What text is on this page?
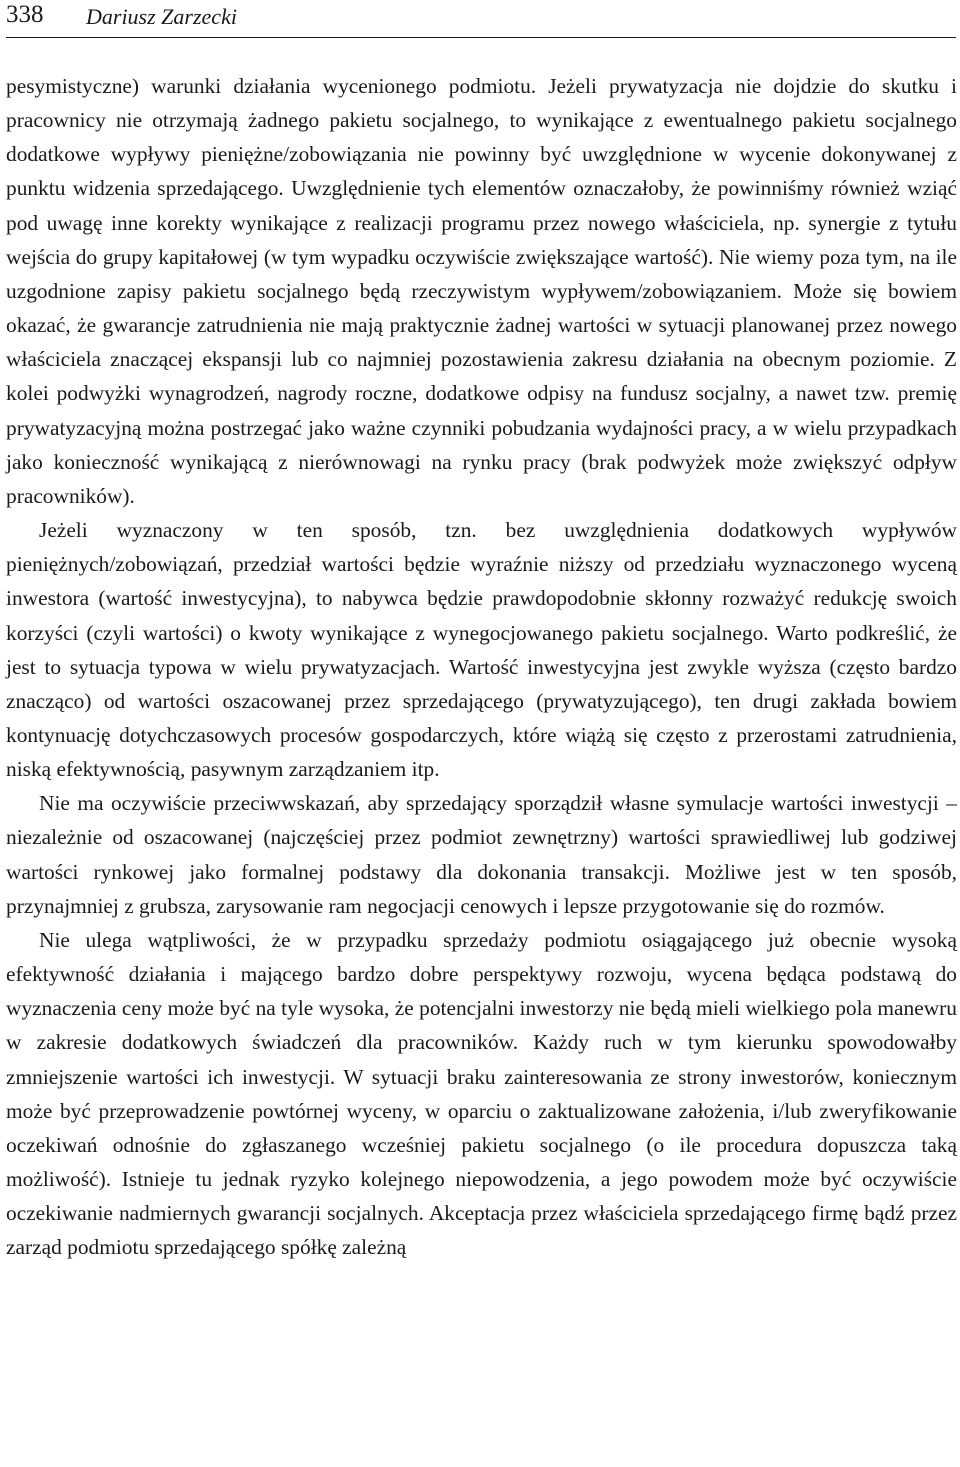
338 Dariusz Zarzecki

pesymistyczne) warunki działania wycenionego podmiotu. Jeżeli prywatyzacja nie dojdzie do skutku i pracownicy nie otrzymają żadnego pakietu socjalnego, to wynikające z ewentualnego pakietu socjalnego dodatkowe wypływy pieniężne/zobowiązania nie powinny być uwzględnione w wycenie dokonywanej z punktu widzenia sprzedającego. Uwzględnienie tych elementów oznaczałoby, że powinniśmy również wziąć pod uwagę inne korekty wynikające z realizacji programu przez nowego właściciela, np. synergie z tytułu wejścia do grupy kapitałowej (w tym wypadku oczywiście zwiększające wartość). Nie wiemy poza tym, na ile uzgodnione zapisy pakietu socjalnego będą rzeczywistym wypływem/zobowiązaniem. Może się bowiem okazać, że gwarancje zatrudnienia nie mają praktycznie żadnej wartości w sytuacji planowanej przez nowego właściciela znaczącej ekspansji lub co najmniej pozostawienia zakresu działania na obecnym poziomie. Z kolei podwyżki wynagrodzeń, nagrody roczne, dodatkowe odpisy na fundusz socjalny, a nawet tzw. premię prywatyzacyjną można postrzegać jako ważne czynniki pobudzania wydajności pracy, a w wielu przypadkach jako konieczność wynikającą z nierównowagi na rynku pracy (brak podwyżek może zwiększyć odpływ pracowników).

Jeżeli wyznaczony w ten sposób, tzn. bez uwzględnienia dodatkowych wypływów pieniężnych/zobowiązań, przedział wartości będzie wyraźnie niższy od przedziału wyznaczonego wyceną inwestora (wartość inwestycyjna), to nabywca będzie prawdopodobnie skłonny rozważyć redukcję swoich korzyści (czyli wartości) o kwoty wynikające z wynegocjowanego pakietu socjalnego. Warto podkreślić, że jest to sytuacja typowa w wielu prywatyzacjach. Wartość inwestycyjna jest zwykle wyższa (często bardzo znacząco) od wartości oszacowanej przez sprzedającego (prywatyzującego), ten drugi zakłada bowiem kontynuację dotychczasowych procesów gospodarczych, które wiążą się często z przerostami zatrudnienia, niską efektywnością, pasywnym zarządzaniem itp.

Nie ma oczywiście przeciwwskazań, aby sprzedający sporządził własne symulacje wartości inwestycji – niezależnie od oszacowanej (najczęściej przez podmiot zewnętrzny) wartości sprawiedliwej lub godziwej wartości rynkowej jako formalnej podstawy dla dokonania transakcji. Możliwe jest w ten sposób, przynajmniej z grubsza, zarysowanie ram negocjacji cenowych i lepsze przygotowanie się do rozmów.

Nie ulega wątpliwości, że w przypadku sprzedaży podmiotu osiągającego już obecnie wysoką efektywność działania i mającego bardzo dobre perspektywy rozwoju, wycena będąca podstawą do wyznaczenia ceny może być na tyle wysoka, że potencjalni inwestorzy nie będą mieli wielkiego pola manewru w zakresie dodatkowych świadczeń dla pracowników. Każdy ruch w tym kierunku spowodowałby zmniejszenie wartości ich inwestycji. W sytuacji braku zainteresowania ze strony inwestorów, koniecznym może być przeprowadzenie powtórnej wyceny, w oparciu o zaktualizowane założenia, i/lub zweryfikowanie oczekiwań odnośnie do zgłaszanego wcześniej pakietu socjalnego (o ile procedura dopuszcza taką możliwość). Istnieje tu jednak ryzyko kolejnego niepowodzenia, a jego powodem może być oczywiście oczekiwanie nadmiernych gwarancji socjalnych. Akceptacja przez właściciela sprzedającego firmę bądź przez zarząd podmiotu sprzedającego spółkę zależną
